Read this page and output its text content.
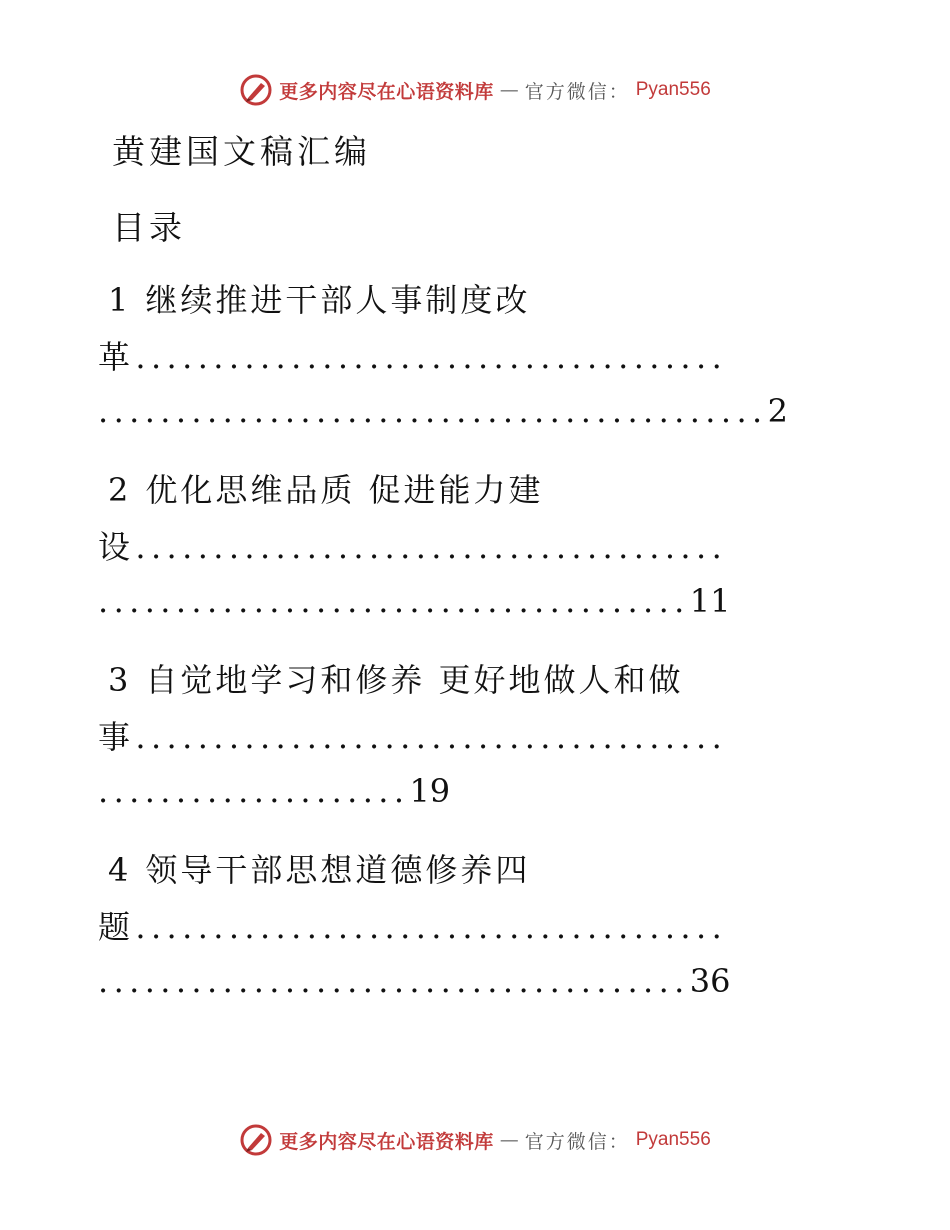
更多内容尽在心语资料库 — 官方微信： Pyan556
黄建国文稿汇编
目录
1 继续推进干部人事制度改
革......................................
...........................................2
2 优化思维品质 促进能力建
设......................................
......................................11
3 自觉地学习和修养 更好地做人和做
事......................................
....................19
4 领导干部思想道德修养四
题......................................
......................................36
更多内容尽在心语资料库 — 官方微信： Pyan556
